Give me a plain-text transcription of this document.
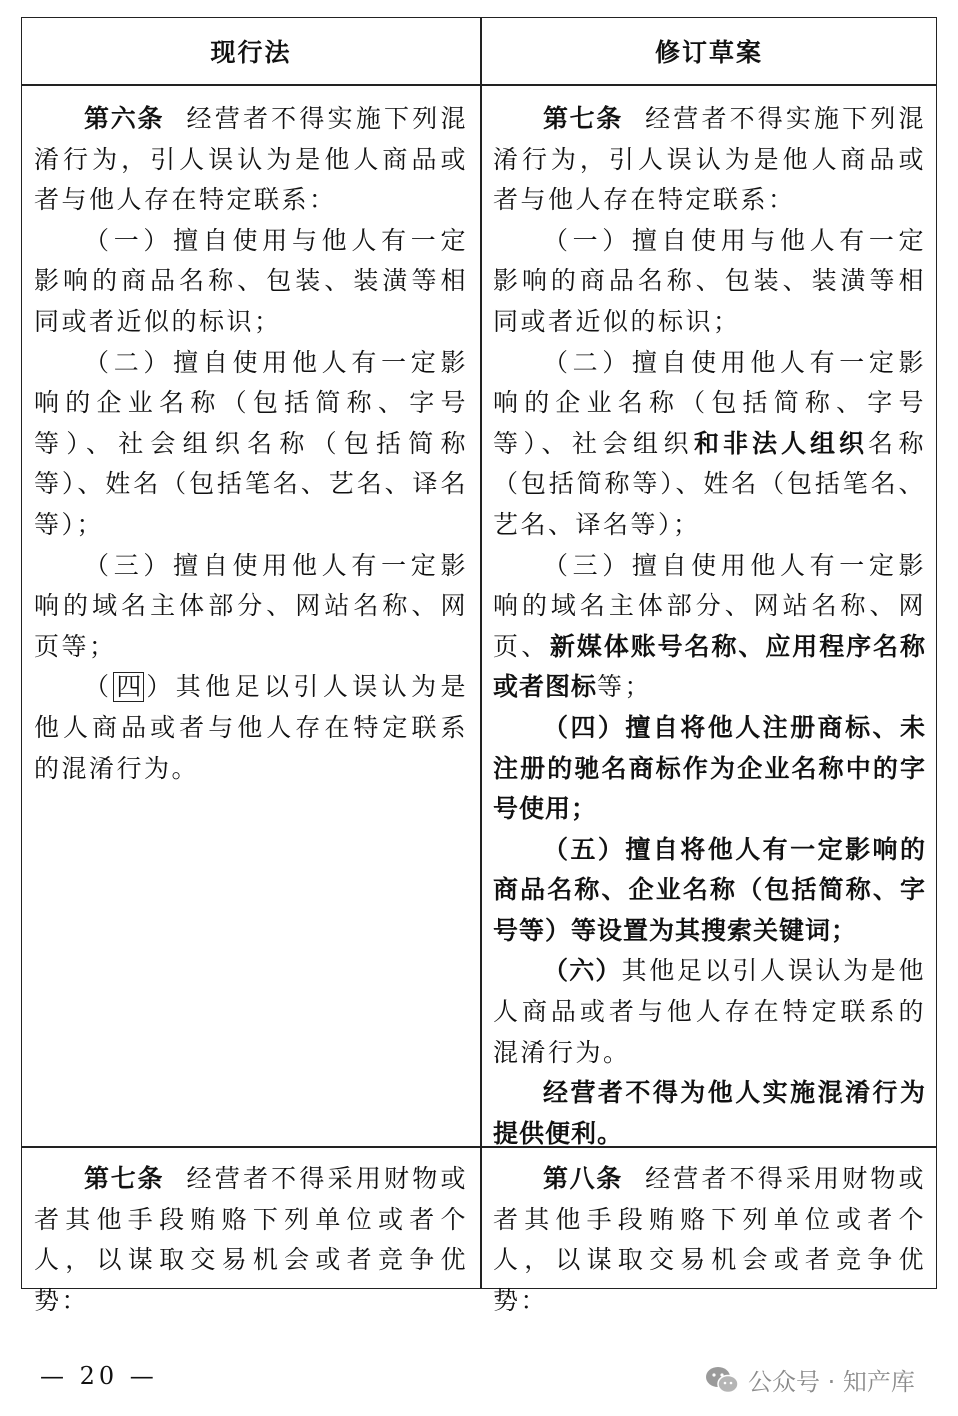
现行法	修订草案

第六条 经营者不得实施下列混淆行为，引人误认为是他人商品或者与他人存在特定联系：

（一）擅自使用与他人有一定影响的商品名称、包装、装潢等相同或者近似的标识；

（二）擅自使用他人有一定影响的企业名称（包括简称、字号等）、社会组织名称（包括简称等）、姓名（包括笔名、艺名、译名等）；

（三）擅自使用他人有一定影响的域名主体部分、网站名称、网页等；

（ 四 ）其他足以引人误认为是他人商品或者与他人存在特定联系的混淆行为。

第七条 经营者不得实施下列混淆行为，引人误认为是他人商品或者与他人存在特定联系：

（一）擅自使用与他人有一定影响的商品名称、包装、装潢等相同或者近似的标识；

（二）擅自使用他人有一定影响的企业名称（包括简称、字号等）、社会组织和非法人组织名称（包括简称等）、姓名（包括笔名、艺名、译名等）；

（三）擅自使用他人有一定影响的域名主体部分、网站名称、网页、新媒体账号名称、应用程序名称或者图标等；

（四）擅自将他人注册商标、未注册的驰名商标作为企业名称中的字号使用；

（五）擅自将他人有一定影响的商品名称、企业名称（包括简称、字号等）等设置为其搜索关键词；

（六）其他足以引人误认为是他人商品或者与他人存在特定联系的混淆行为。

经营者不得为他人实施混淆行为提供便利。

第七条 经营者不得采用财物或者其他手段贿赂下列单位或者个人，以谋取交易机会或者竞争优势：

第八条 经营者不得采用财物或者其他手段贿赂下列单位或者个人，以谋取交易机会或者竞争优势：

— 20 —	公众号 · 知产库
